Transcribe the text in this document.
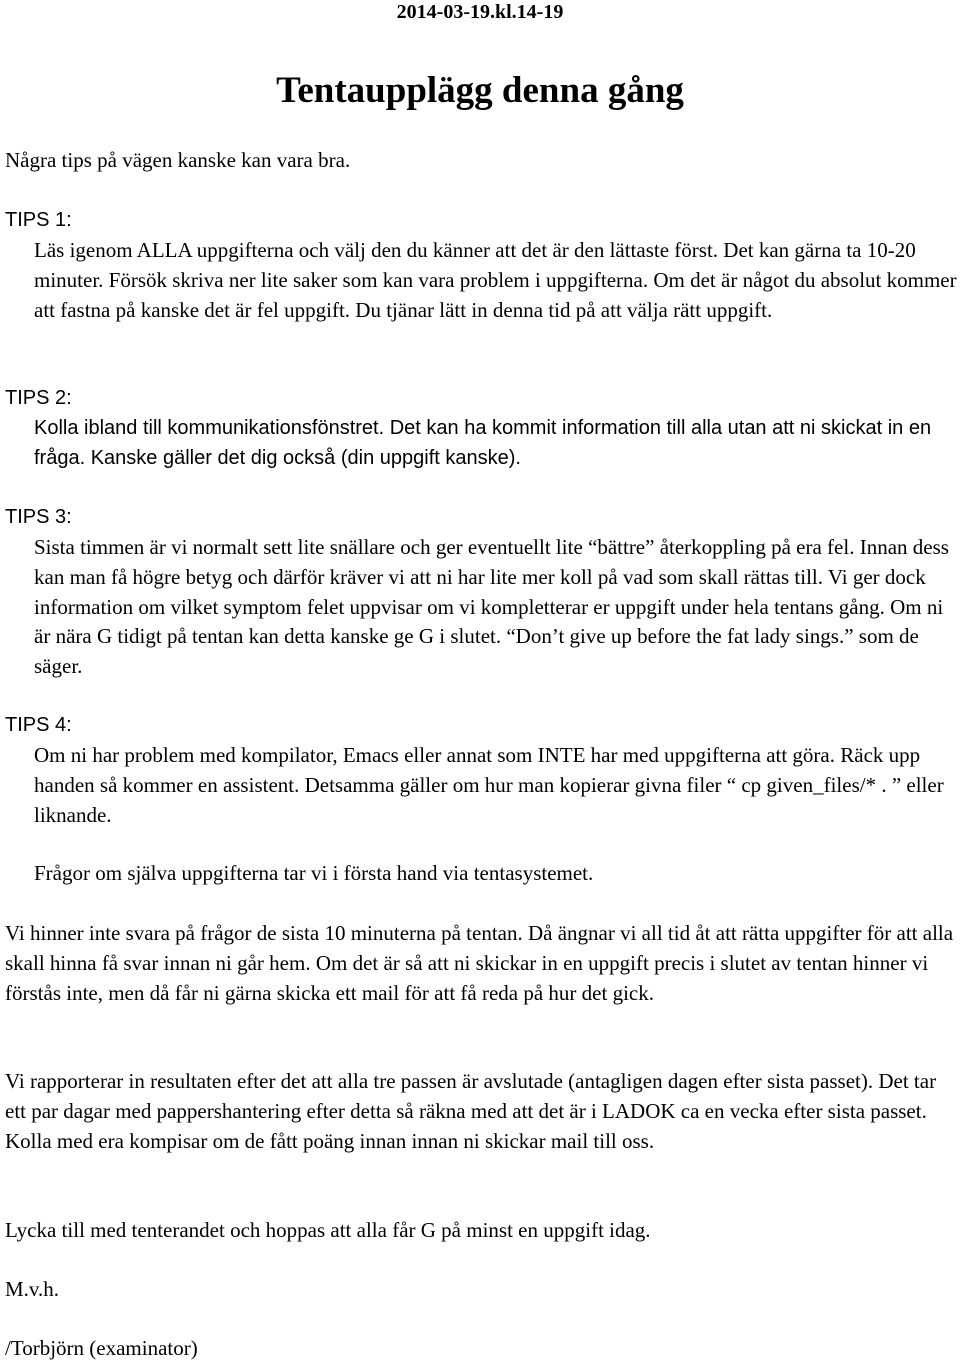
2014-03-19.kl.14-19
Tentaupplägg denna gång

Några tips på vägen kanske kan vara bra.

TIPS 1:

Läs igenom ALLA uppgifterna och välj den du känner att det är den lättaste först. Det kan gärna ta 10-20 minuter. Försök skriva ner lite saker som kan vara problem i uppgifterna. Om det är något du absolut kommer att fastna på kanske det är fel uppgift. Du tjänar lätt in denna tid på att välja rätt uppgift.

TIPS 2:

Kolla ibland till kommunikationsfönstret. Det kan ha kommit information till alla utan att ni skickat in en fråga. Kanske gäller det dig också (din uppgift kanske).

TIPS 3:

Sista timmen är vi normalt sett lite snällare och ger eventuellt lite “bättre” återkoppling på era fel. Innan dess kan man få högre betyg och därför kräver vi att ni har lite mer koll på vad som skall rättas till. Vi ger dock information om vilket symptom felet uppvisar om vi kompletterar er uppgift under hela tentans gång. Om ni är nära G tidigt på tentan kan detta kanske ge G i slutet. “Don’t give up before the fat lady sings.” som de säger.

TIPS 4:

Om ni har problem med kompilator, Emacs eller annat som INTE har med uppgifterna att göra. Räck upp handen så kommer en assistent. Detsamma gäller om hur man kopierar givna filer “ cp given_files/* . ” eller liknande.

Frågor om själva uppgifterna tar vi i första hand via tentasystemet.

Vi hinner inte svara på frågor de sista 10 minuterna på tentan. Då ängnar vi all tid åt att rätta uppgifter för att alla skall hinna få svar innan ni går hem. Om det är så att ni skickar in en uppgift precis i slutet av tentan hinner vi förstås inte, men då får ni gärna skicka ett mail för att få reda på hur det gick.

Vi rapporterar in resultaten efter det att alla tre passen är avslutade (antagligen dagen efter sista passet). Det tar ett par dagar med pappershantering efter detta så räkna med att det är i LADOK ca en vecka efter sista passet. Kolla med era kompisar om de fått poäng innan innan ni skickar mail till oss.

Lycka till med tenterandet och hoppas att alla får G på minst en uppgift idag.

M.v.h.

/Torbjörn (examinator)
